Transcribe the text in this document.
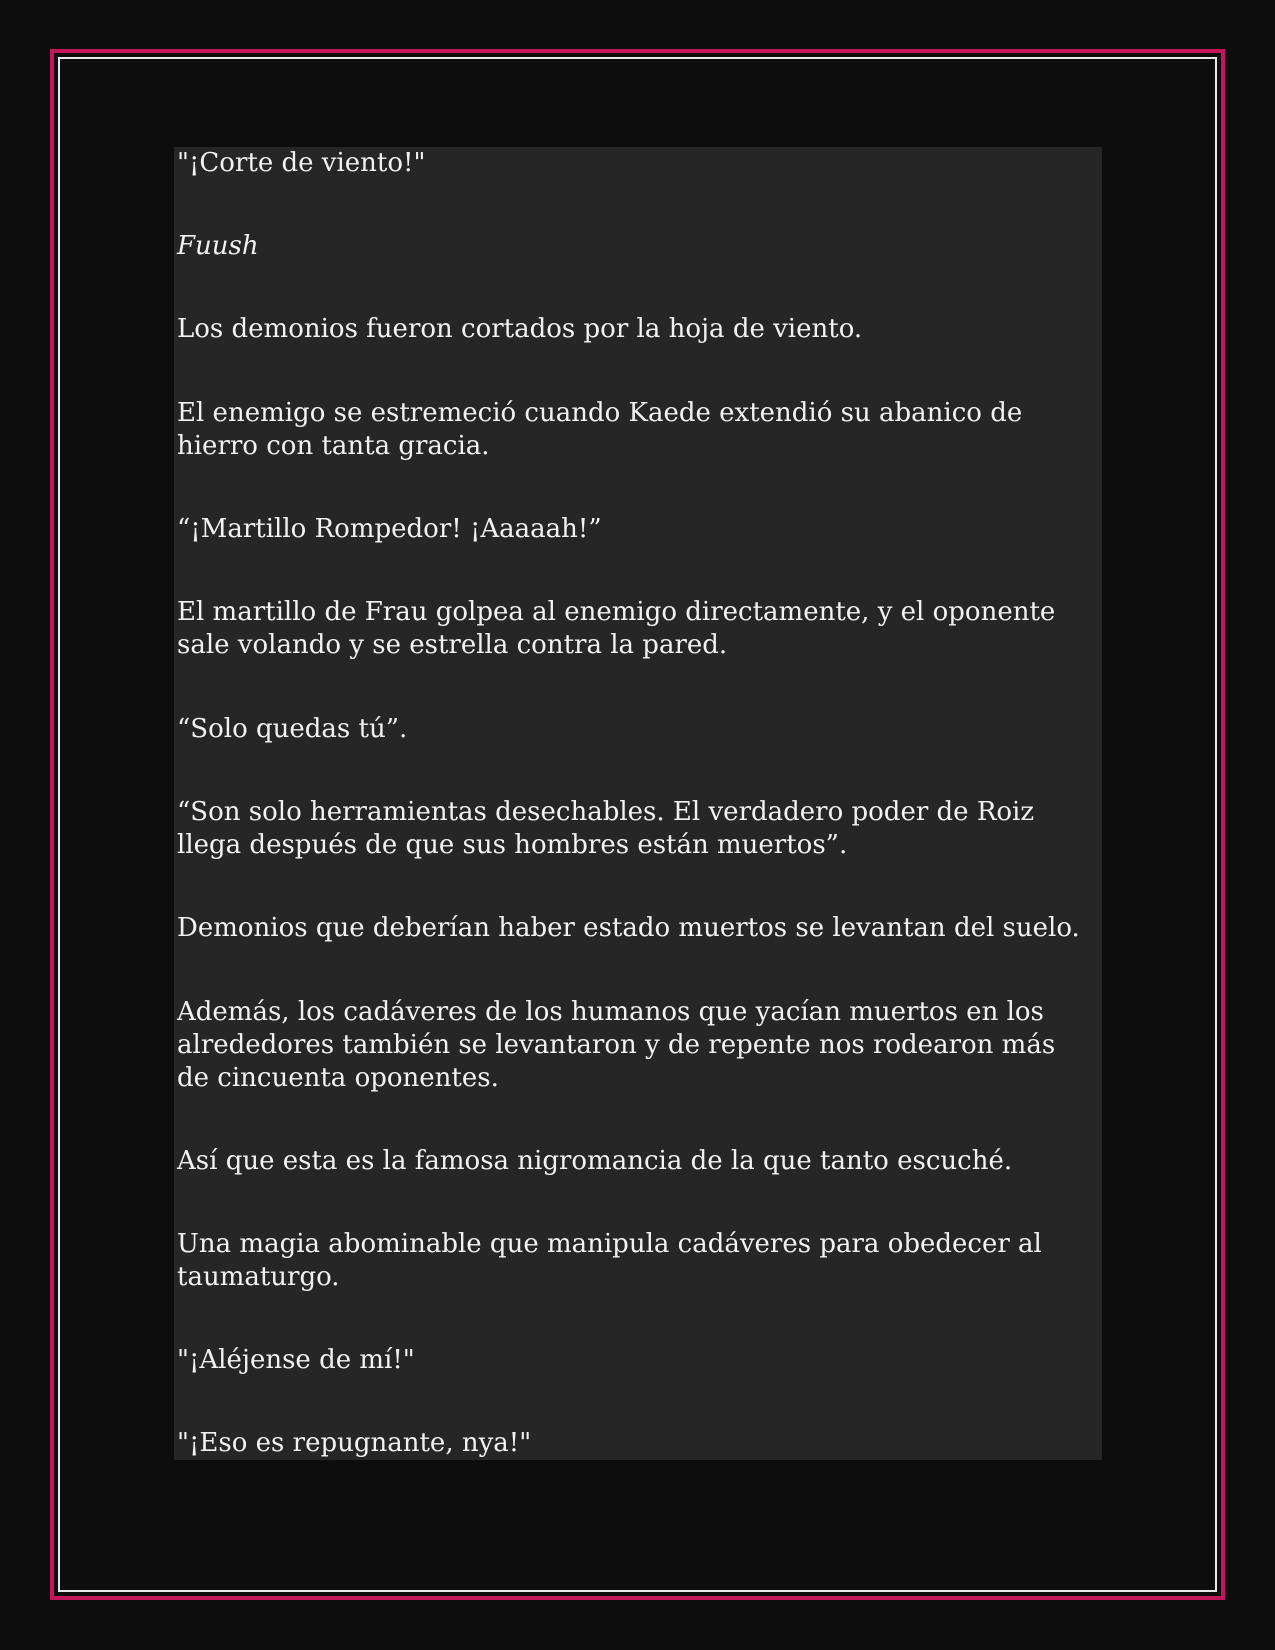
"¡Corte de viento!"

Fuush

Los demonios fueron cortados por la hoja de viento.

El enemigo se estremeció cuando Kaede extendió su abanico de hierro con tanta gracia.

“¡Martillo Rompedor! ¡Aaaaah!”

El martillo de Frau golpea al enemigo directamente, y el oponente sale volando y se estrella contra la pared.

“Solo quedas tú”.

“Son solo herramientas desechables. El verdadero poder de Roiz llega después de que sus hombres están muertos”.

Demonios que deberían haber estado muertos se levantan del suelo.

Además, los cadáveres de los humanos que yacían muertos en los alrededores también se levantaron y de repente nos rodearon más de cincuenta oponentes.

Así que esta es la famosa nigromancia de la que tanto escuché.

Una magia abominable que manipula cadáveres para obedecer al taumaturgo.

"¡Aléjense de mí!"

"¡Eso es repugnante, nya!"
